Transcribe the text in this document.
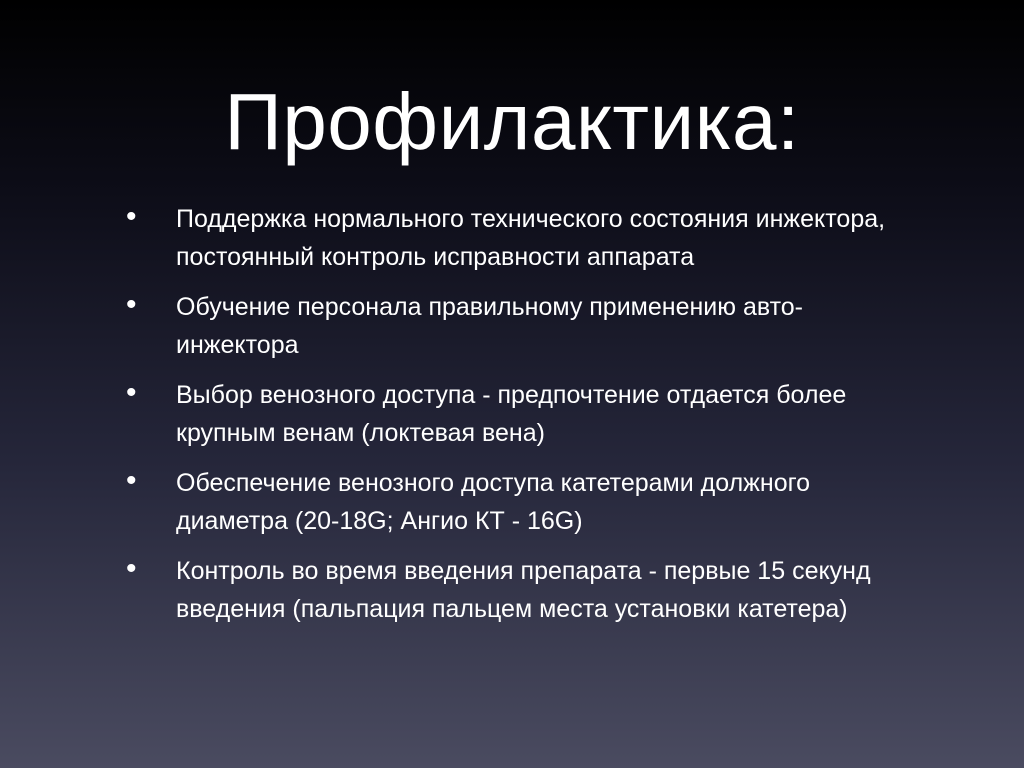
Профилактика:
• Поддержка нормального технического состояния инжектора, постоянный контроль исправности аппарата
• Обучение персонала правильному применению авто-инжектора
• Выбор венозного доступа - предпочтение отдается более крупным венам (локтевая вена)
• Обеспечение венозного доступа катетерами должного диаметра (20-18G; Ангио КТ - 16G)
• Контроль во время введения препарата - первые 15 секунд введения (пальпация пальцем места установки катетера)
